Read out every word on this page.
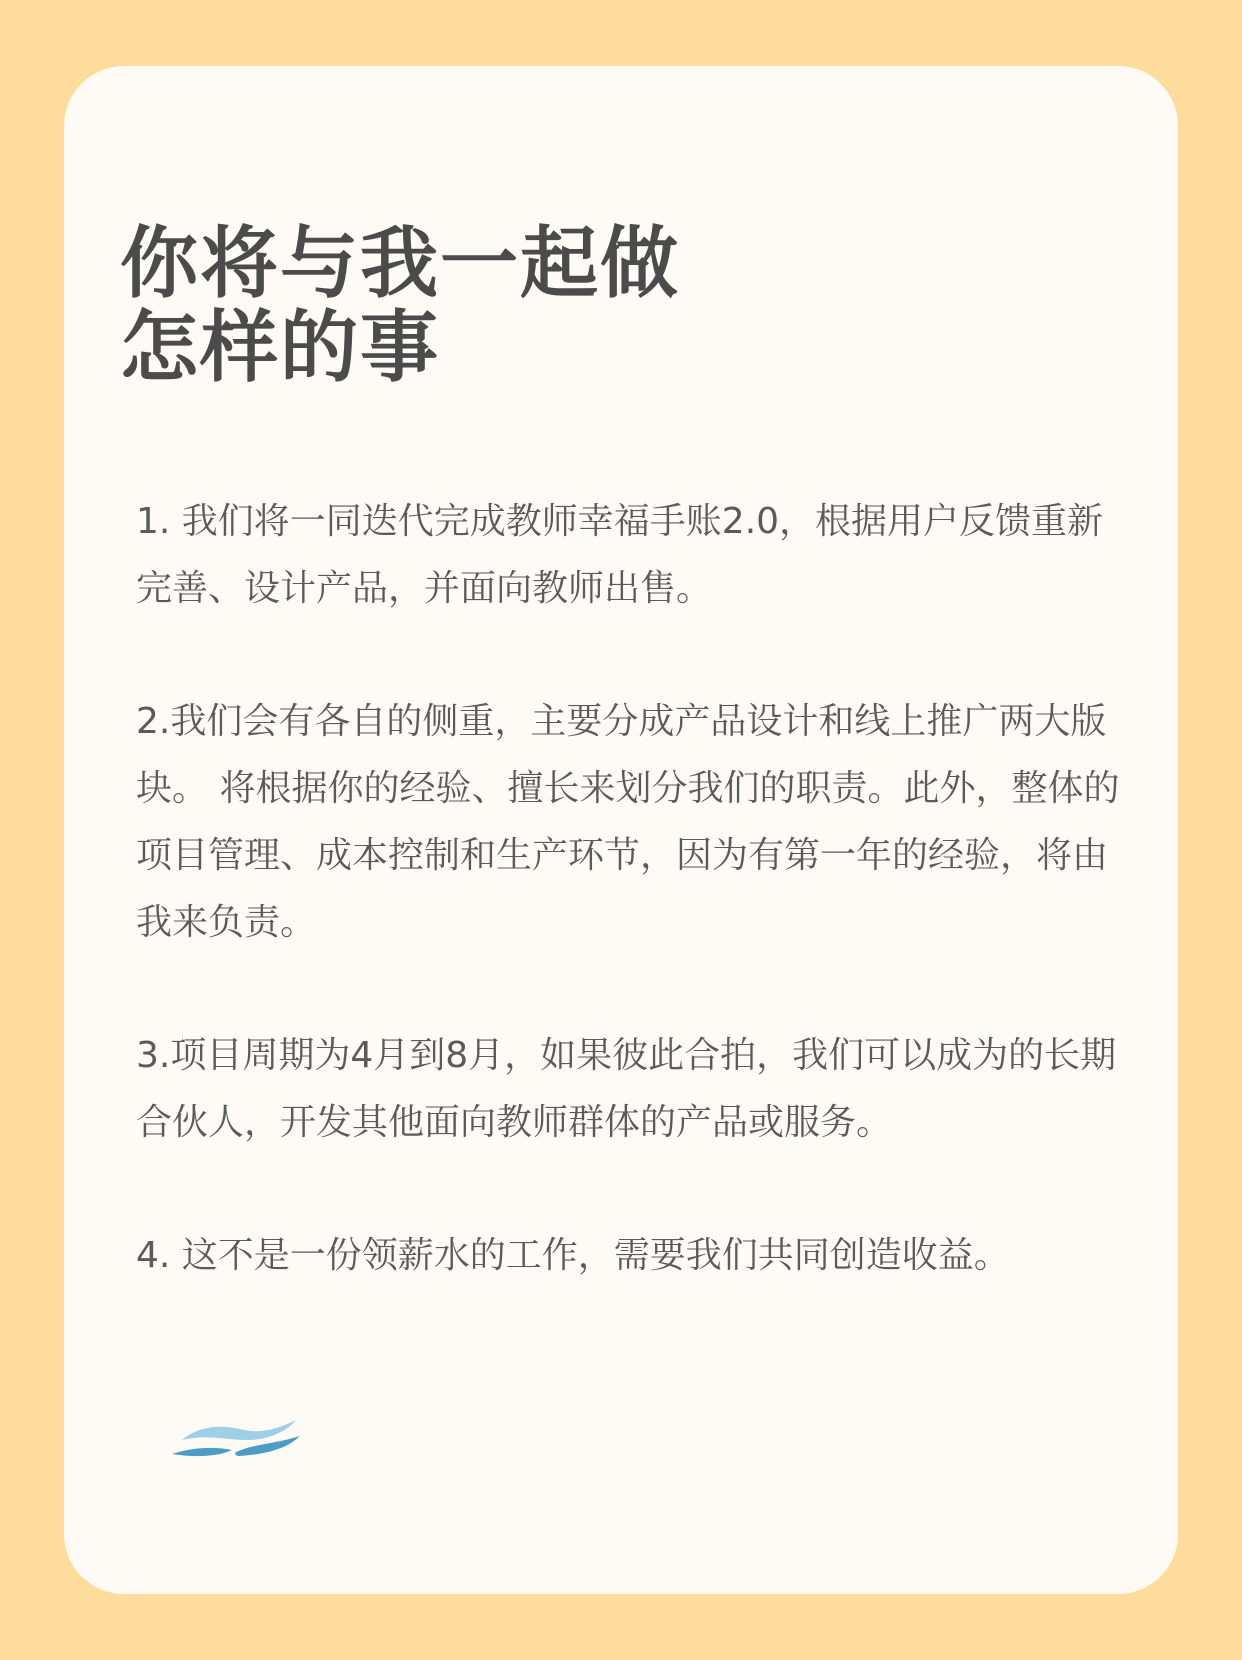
你将与我一起做
怎样的事

1. 我们将一同迭代完成教师幸福手账2.0，根据用户反馈重新完善、设计产品，并面向教师出售。

2.我们会有各自的侧重，主要分成产品设计和线上推广两大版块。 将根据你的经验、擅长来划分我们的职责。此外，整体的项目管理、成本控制和生产环节，因为有第一年的经验，将由我来负责。

3.项目周期为4月到8月，如果彼此合拍，我们可以成为的长期合伙人，开发其他面向教师群体的产品或服务。

4. 这不是一份领薪水的工作，需要我们共同创造收益。
